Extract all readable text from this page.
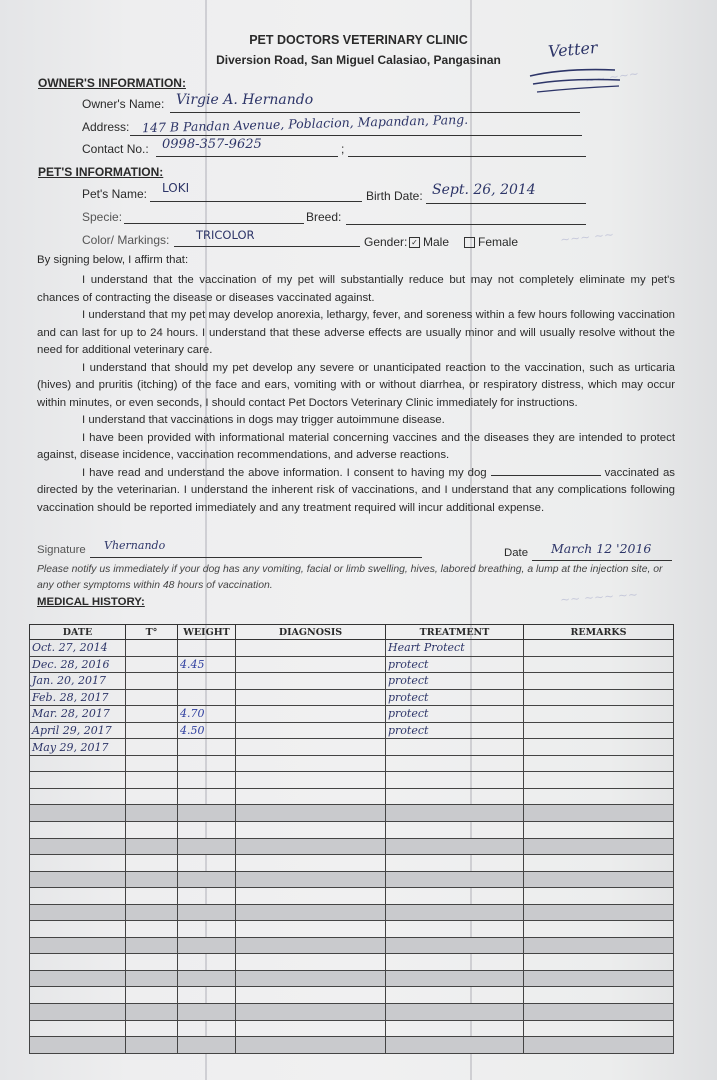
~~ ~~~
~~~ ~~
~~ ~~~ ~~
PET DOCTORS VETERINARY CLINIC
Diversion Road, San Miguel Calasiao, Pangasinan	Vetter
OWNER'S INFORMATION:
Owner's Name: Virgie A. Hernando
Address: 147 B Pandan Avenue, Poblacion, Mapandan, Pang.
Contact No.:	;
0998-357-9625
PET'S INFORMATION:
Pet's Name: LOKI
Birth Date: Sept. 26, 2014
Specie:	Breed:
Color/ Markings: TRICOLOR	Gender: ✓ Male	Female
By signing below, I affirm that:

I understand that the vaccination of my pet will substantially reduce but may not completely eliminate my pet's chances of contracting the disease or diseases vaccinated against.

I understand that my pet may develop anorexia, lethargy, fever, and soreness within a few hours following vaccination and can last for up to 24 hours. I understand that these adverse effects are usually minor and will usually resolve without the need for additional veterinary care.

I understand that should my pet develop any severe or unanticipated reaction to the vaccination, such as urticaria (hives) and pruritis (itching) of the face and ears, vomiting with or without diarrhea, or respiratory distress, which may occur within minutes, or even seconds, I should contact Pet Doctors Veterinary Clinic immediately for instructions.

I understand that vaccinations in dogs may trigger autoimmune disease.

I have been provided with informational material concerning vaccines and the diseases they are intended to protect against, disease incidence, vaccination recommendations, and adverse reactions.

I have read and understand the above information. I consent to having my dog	vaccinated as directed by the veterinarian. I understand the inherent risk of vaccinations, and I understand that any complications following vaccination should be reported immediately and any treatment required will incur additional expense.

Signature Vhernando
Date March 12 '2016
Please notify us immediately if your dog has any vomiting, facial or limb swelling, hives, labored breathing, a lump at the injection site, or any other symptoms within 48 hours of vaccination.
MEDICAL HISTORY:
DATE	T°	WEIGHT	DIAGNOSIS	TREATMENT	REMARKS
Oct. 27, 2014				Heart Protect	
Dec. 28, 2016		4.45		protect	
Jan. 20, 2017				protect	
Feb. 28, 2017				protect	
Mar. 28, 2017		4.70		protect	
April 29, 2017		4.50		protect	
May 29, 2017					
